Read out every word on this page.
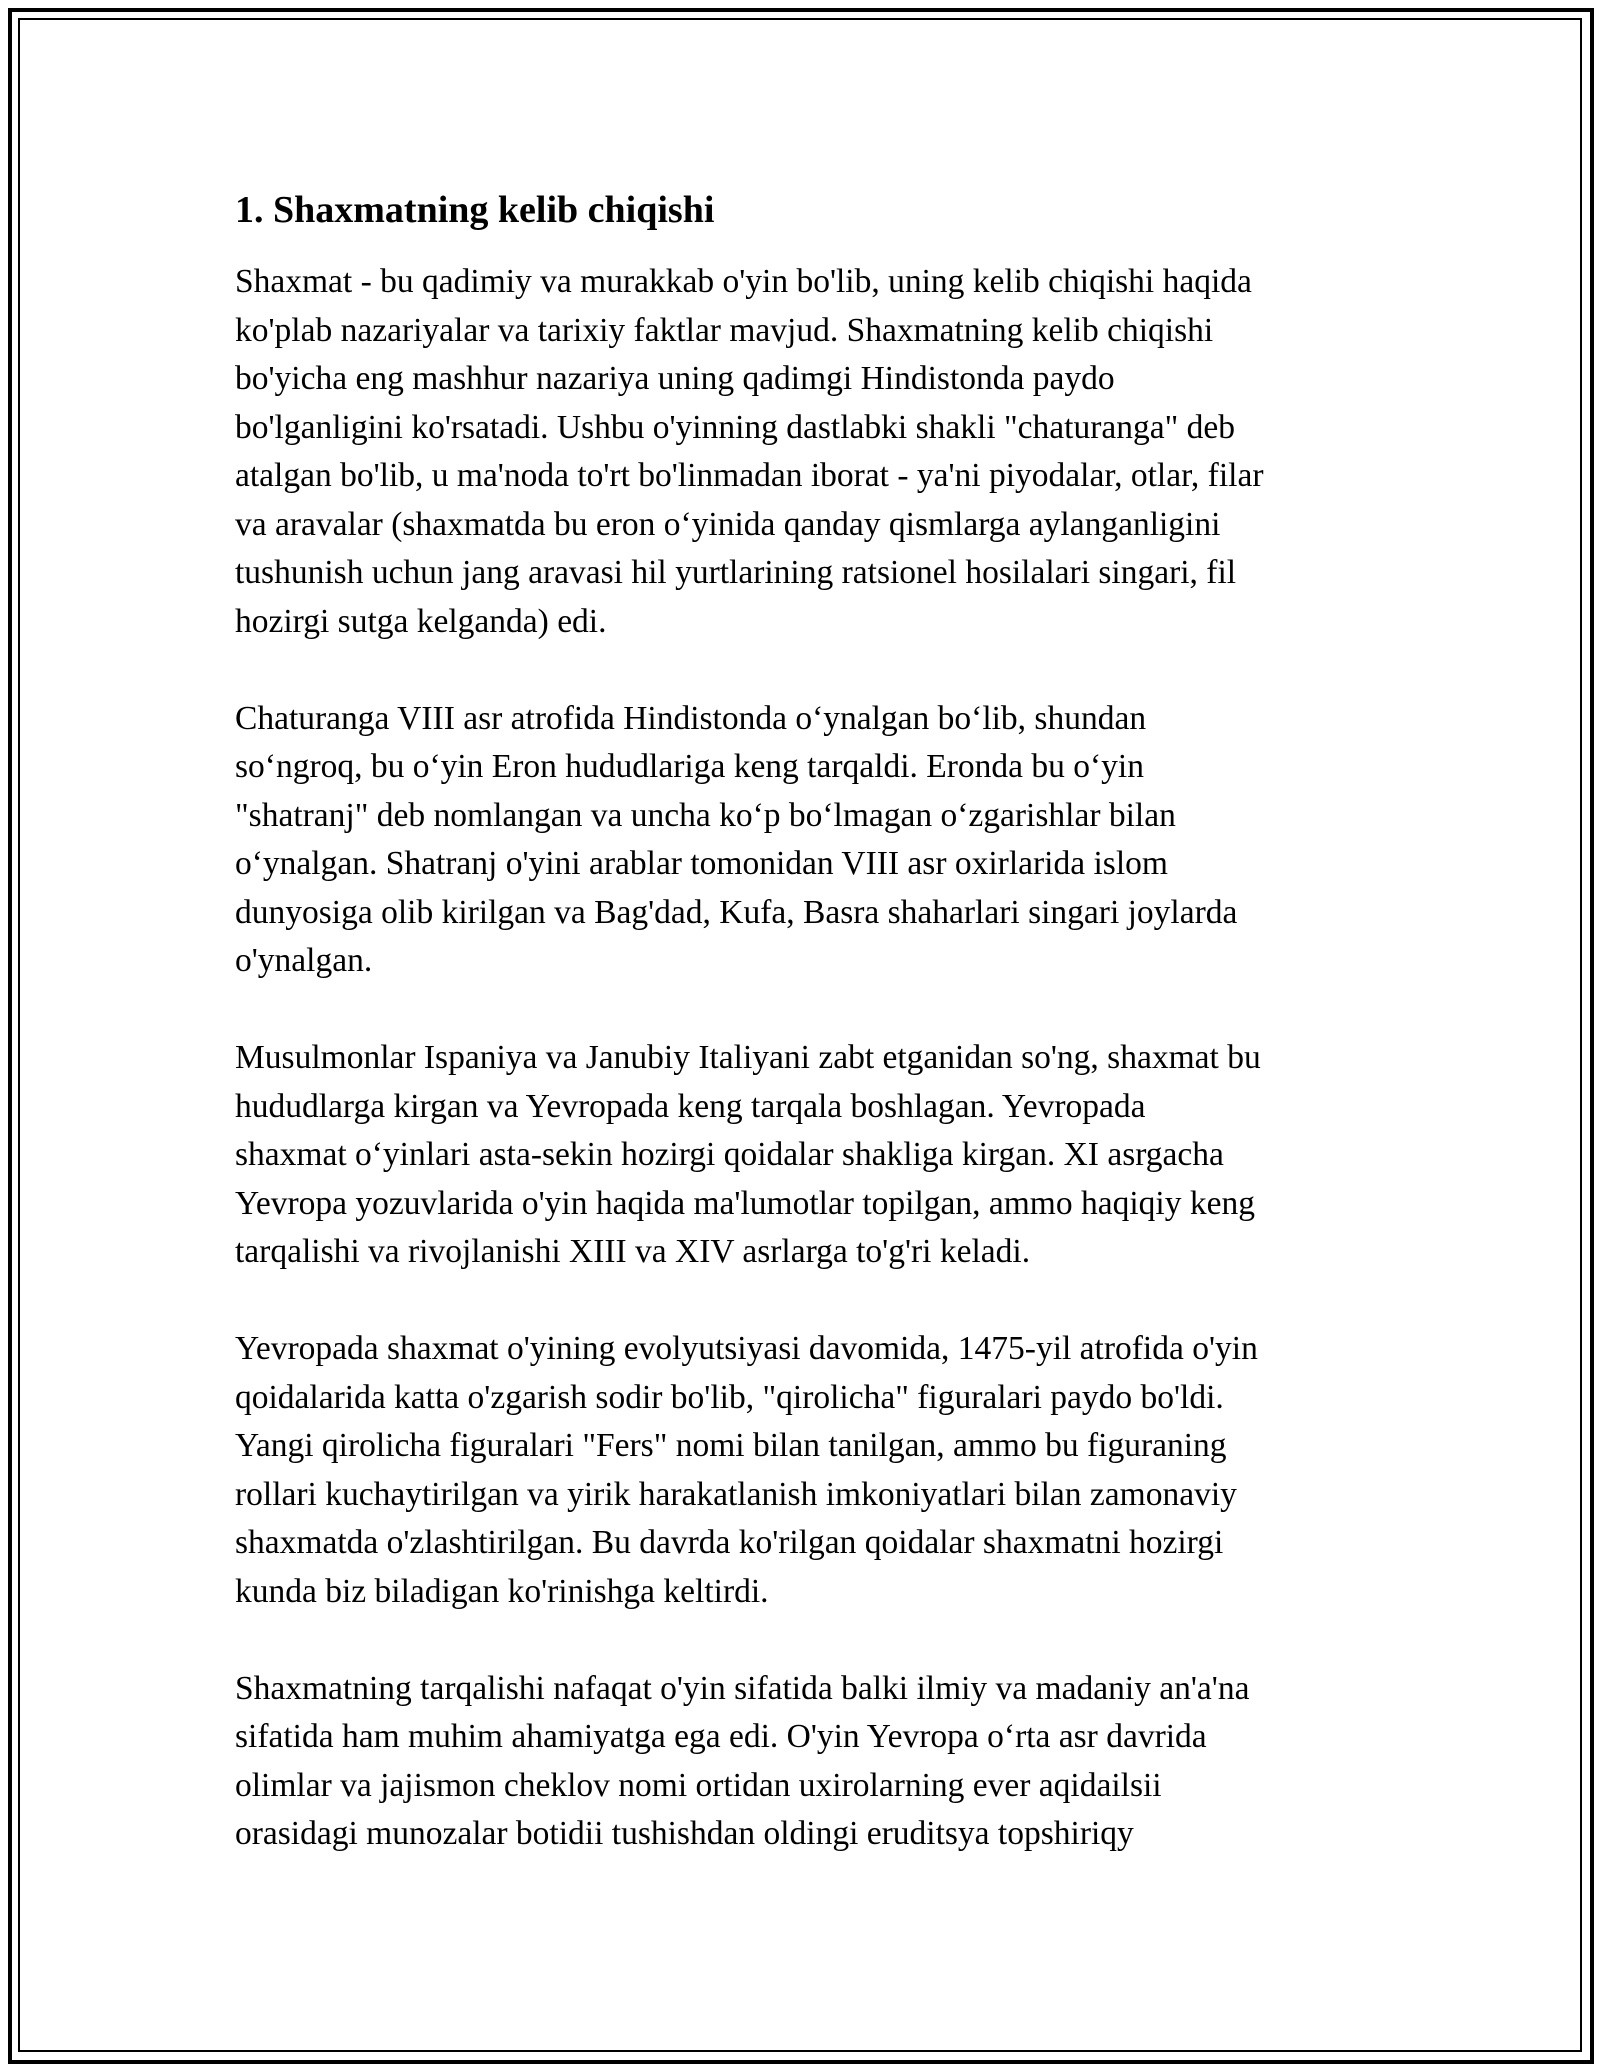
1. Shaxmatning kelib chiqishi
Shaxmat - bu qadimiy va murakkab o'yin bo'lib, uning kelib chiqishi haqida
ko'plab nazariyalar va tarixiy faktlar mavjud. Shaxmatning kelib chiqishi
bo'yicha eng mashhur nazariya uning qadimgi Hindistonda paydo
bo'lganligini ko'rsatadi. Ushbu o'yinning dastlabki shakli "chaturanga" deb
atalgan bo'lib, u ma'noda to'rt bo'linmadan iborat - ya'ni piyodalar, otlar, filar
va aravalar (shaxmatda bu eron o‘yinida qanday qismlarga aylanganligini
tushunish uchun jang aravasi hil yurtlarining ratsionel hosilalari singari, fil
hozirgi sutga kelganda) edi.
Chaturanga VIII asr atrofida Hindistonda o‘ynalgan bo‘lib, shundan
so‘ngroq, bu o‘yin Eron hududlariga keng tarqaldi. Eronda bu o‘yin
"shatranj" deb nomlangan va uncha ko‘p bo‘lmagan o‘zgarishlar bilan
o‘ynalgan. Shatranj o'yini arablar tomonidan VIII asr oxirlarida islom
dunyosiga olib kirilgan va Bag'dad, Kufa, Basra shaharlari singari joylarda
o'ynalgan.
Musulmonlar Ispaniya va Janubiy Italiyani zabt etganidan so'ng, shaxmat bu
hududlarga kirgan va Yevropada keng tarqala boshlagan. Yevropada
shaxmat o‘yinlari asta-sekin hozirgi qoidalar shakliga kirgan. XI asrgacha
Yevropa yozuvlarida o'yin haqida ma'lumotlar topilgan, ammo haqiqiy keng
tarqalishi va rivojlanishi XIII va XIV asrlarga to'g'ri keladi.
Yevropada shaxmat o'yining evolyutsiyasi davomida, 1475-yil atrofida o'yin
qoidalarida katta o'zgarish sodir bo'lib, "qirolicha" figuralari paydo bo'ldi.
Yangi qirolicha figuralari "Fers" nomi bilan tanilgan, ammo bu figuraning
rollari kuchaytirilgan va yirik harakatlanish imkoniyatlari bilan zamonaviy
shaxmatda o'zlashtirilgan. Bu davrda ko'rilgan qoidalar shaxmatni hozirgi
kunda biz biladigan ko'rinishga keltirdi.
Shaxmatning tarqalishi nafaqat o'yin sifatida balki ilmiy va madaniy an'a'na
sifatida ham muhim ahamiyatga ega edi. O'yin Yevropa o‘rta asr davrida
olimlar va jajismon cheklov nomi ortidan uxirolarning ever aqidailsii
orasidagi munozalar botidii tushishdan oldingi eruditsya topshiriqy
